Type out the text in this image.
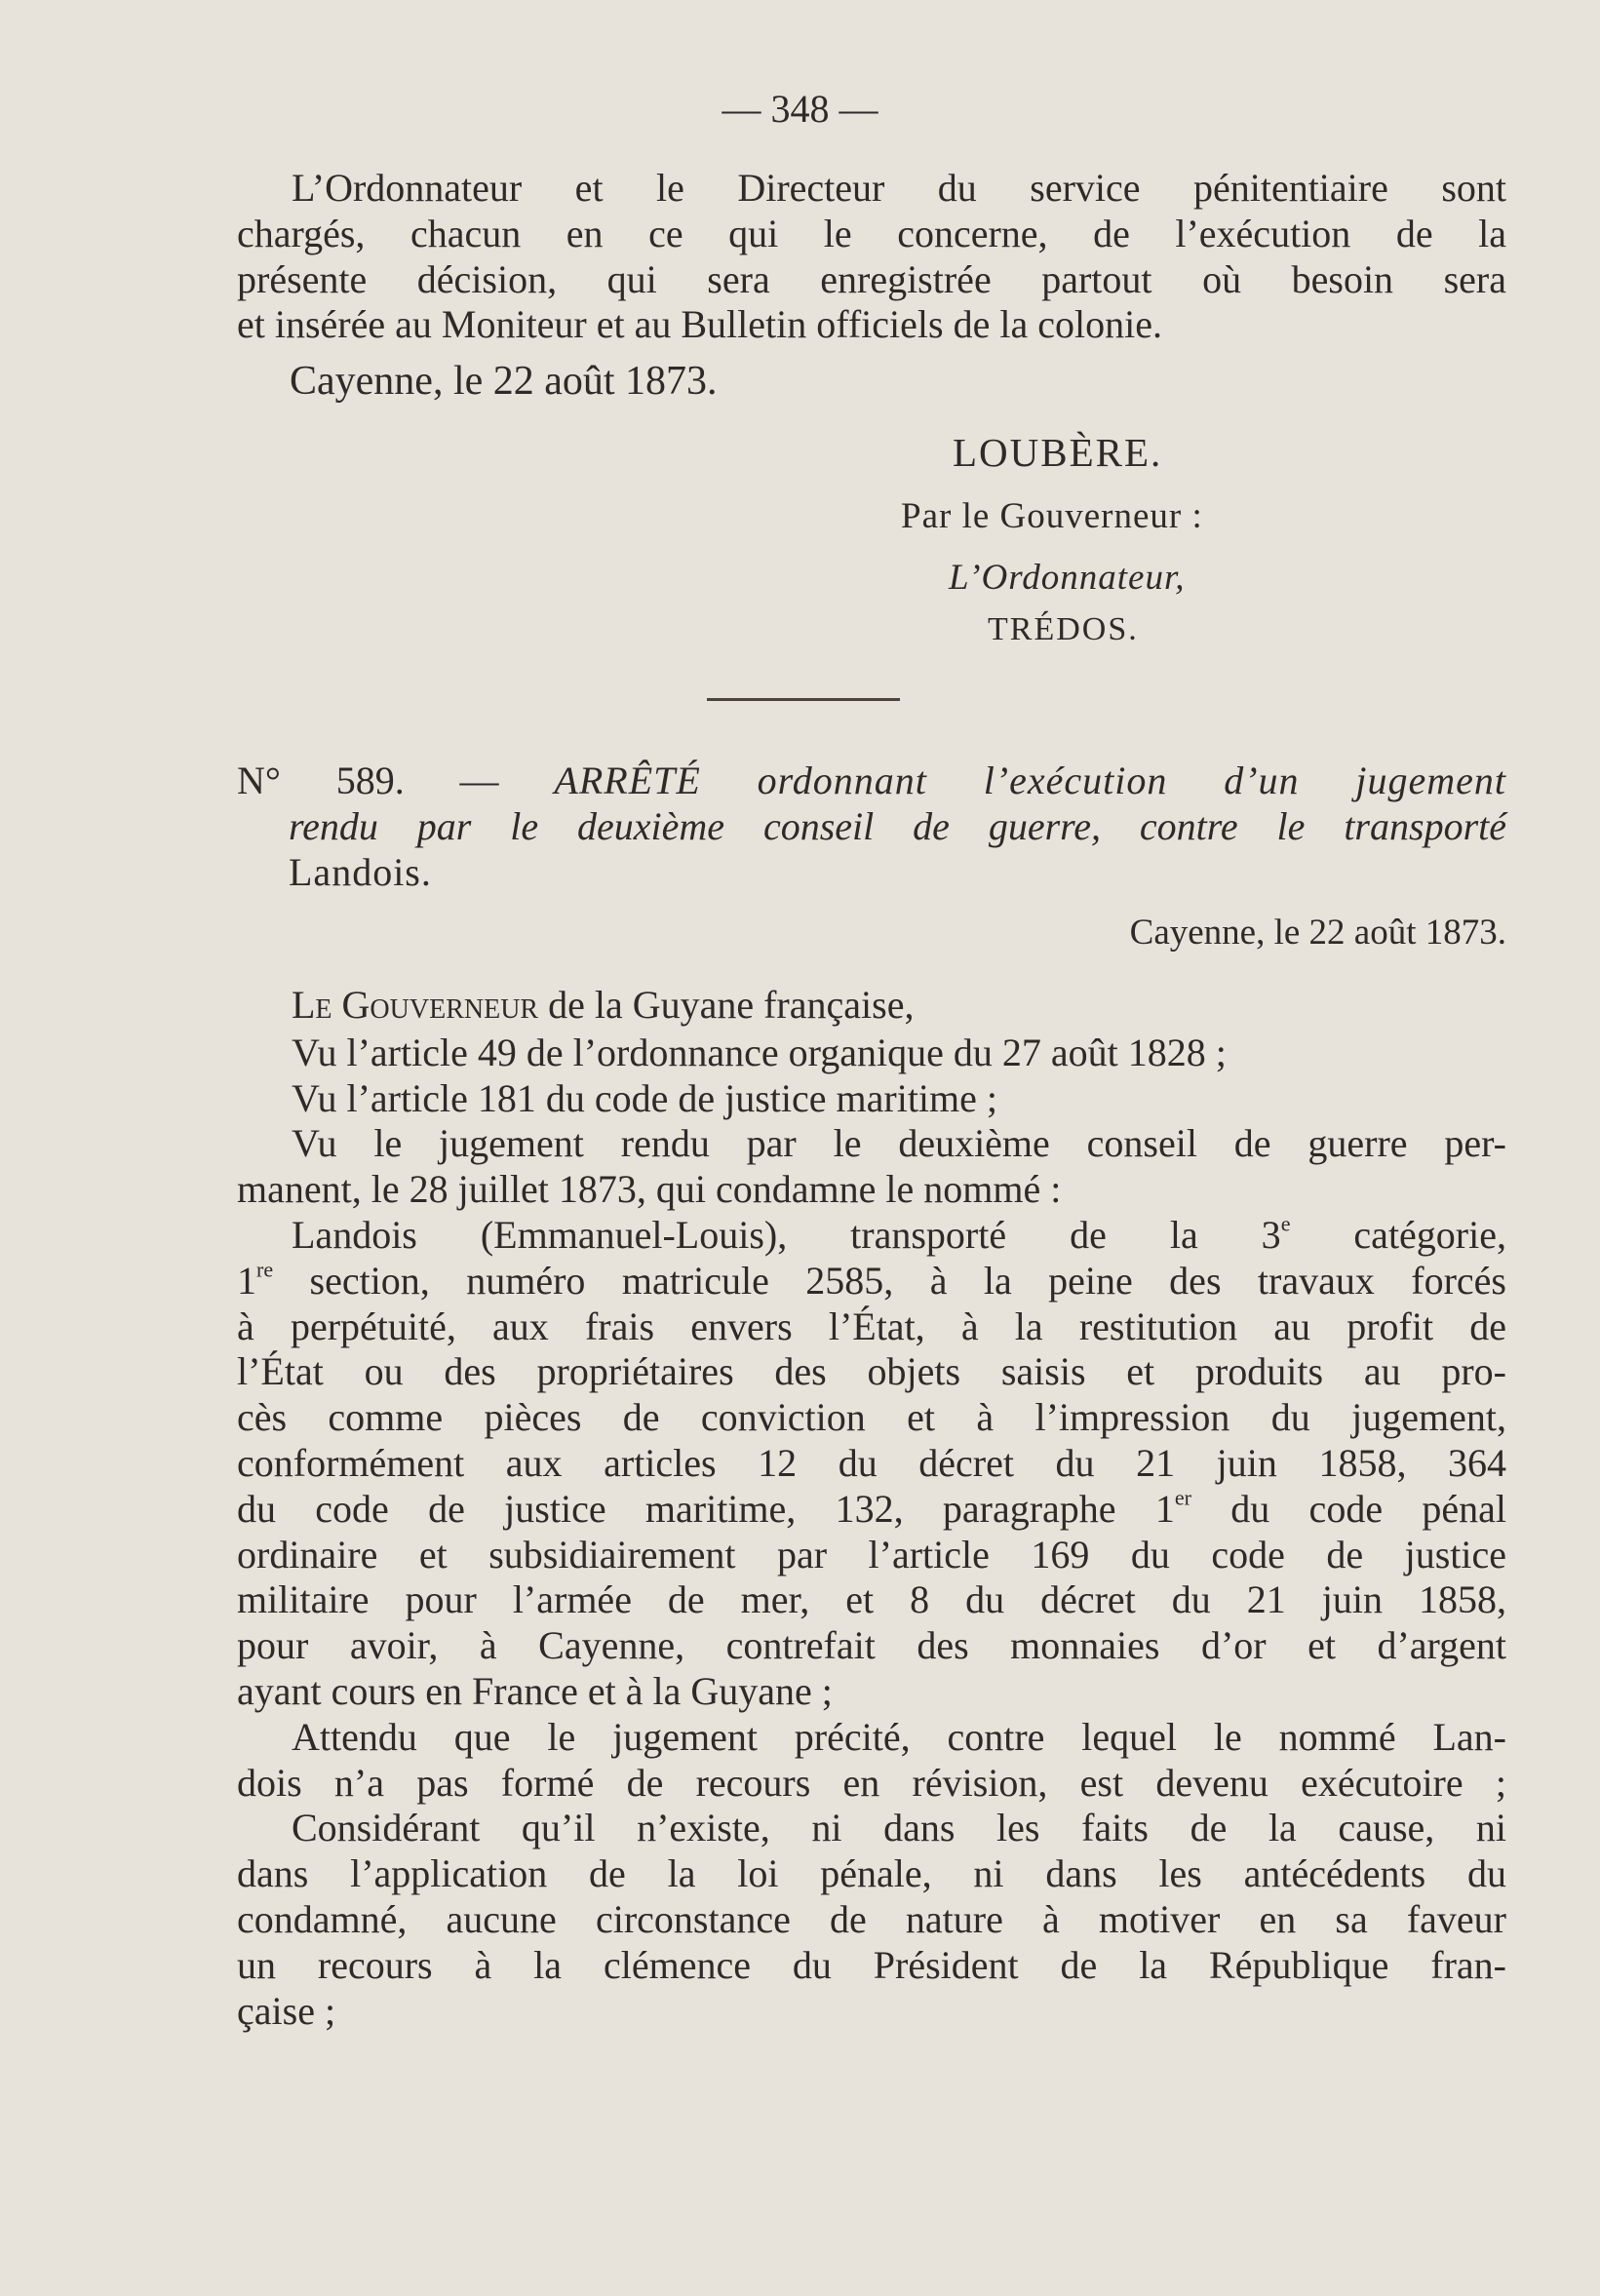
— 348 —

L’Ordonnateur et le Directeur du service pénitentiaire sont

chargés, chacun en ce qui le concerne, de l’exécution de la

présente décision, qui sera enregistrée partout où besoin sera

et insérée au Moniteur et au Bulletin officiels de la colonie.

Cayenne, le 22 août 1873.
LOUBÈRE.
Par le Gouverneur :
L’Ordonnateur,
TRÉDOS.

N° 589. — ARRÊTÉ ordonnant l’exécution d’un jugement

rendu par le deuxième conseil de guerre, contre le transporté

Landois.

Cayenne, le 22 août 1873.

Le Gouverneur de la Guyane française,

Vu l’article 49 de l’ordonnance organique du 27 août 1828 ;

Vu l’article 181 du code de justice maritime ;

Vu le jugement rendu par le deuxième conseil de guerre per-

manent, le 28 juillet 1873, qui condamne le nommé :

Landois (Emmanuel-Louis), transporté de la 3e catégorie,

1re section, numéro matricule 2585, à la peine des travaux forcés

à perpétuité, aux frais envers l’État, à la restitution au profit de

l’État ou des propriétaires des objets saisis et produits au pro-

cès comme pièces de conviction et à l’impression du jugement,

conformément aux articles 12 du décret du 21 juin 1858, 364

du code de justice maritime, 132, paragraphe 1er du code pénal

ordinaire et subsidiairement par l’article 169 du code de justice

militaire pour l’armée de mer, et 8 du décret du 21 juin 1858,

pour avoir, à Cayenne, contrefait des monnaies d’or et d’argent

ayant cours en France et à la Guyane ;

Attendu que le jugement précité, contre lequel le nommé Lan-

dois n’a pas formé de recours en révision, est devenu exécutoire ;

Considérant qu’il n’existe, ni dans les faits de la cause, ni

dans l’application de la loi pénale, ni dans les antécédents du

condamné, aucune circonstance de nature à motiver en sa faveur

un recours à la clémence du Président de la République fran-

çaise ;
